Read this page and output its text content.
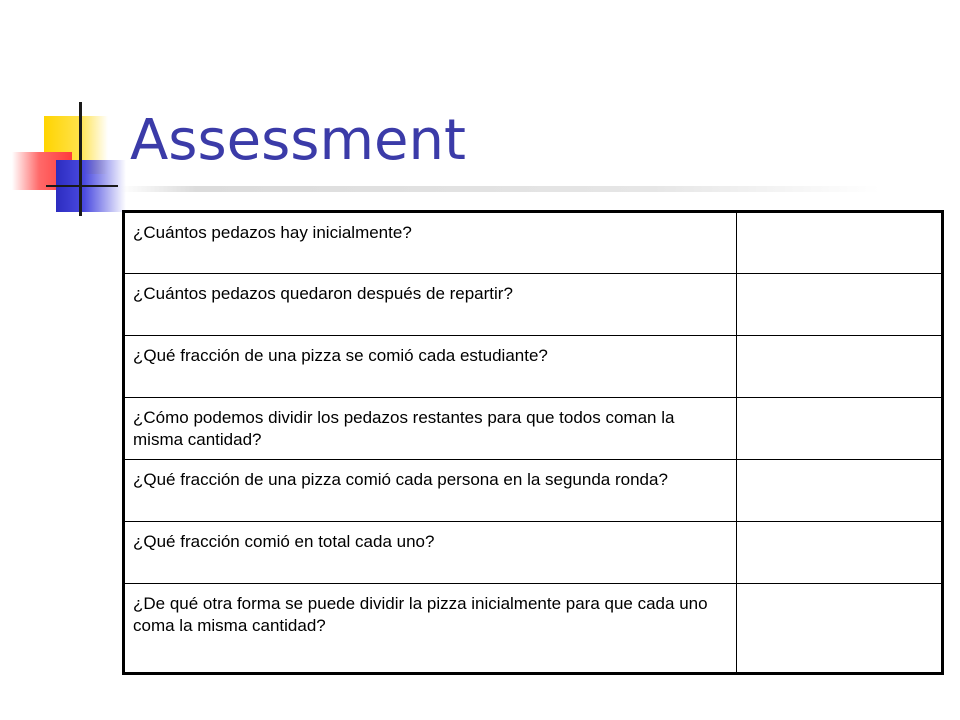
Assessment
¿Cuántos pedazos hay inicialmente?	
¿Cuántos pedazos quedaron después de repartir?	
¿Qué fracción de una pizza se comió cada estudiante?	
¿Cómo podemos dividir los pedazos restantes para que todos coman la misma cantidad?	
¿Qué fracción de una pizza comió cada persona en la segunda ronda?	
¿Qué fracción comió en total cada uno?	
¿De qué otra forma se puede dividir la pizza inicialmente para que cada uno coma la misma cantidad?	
